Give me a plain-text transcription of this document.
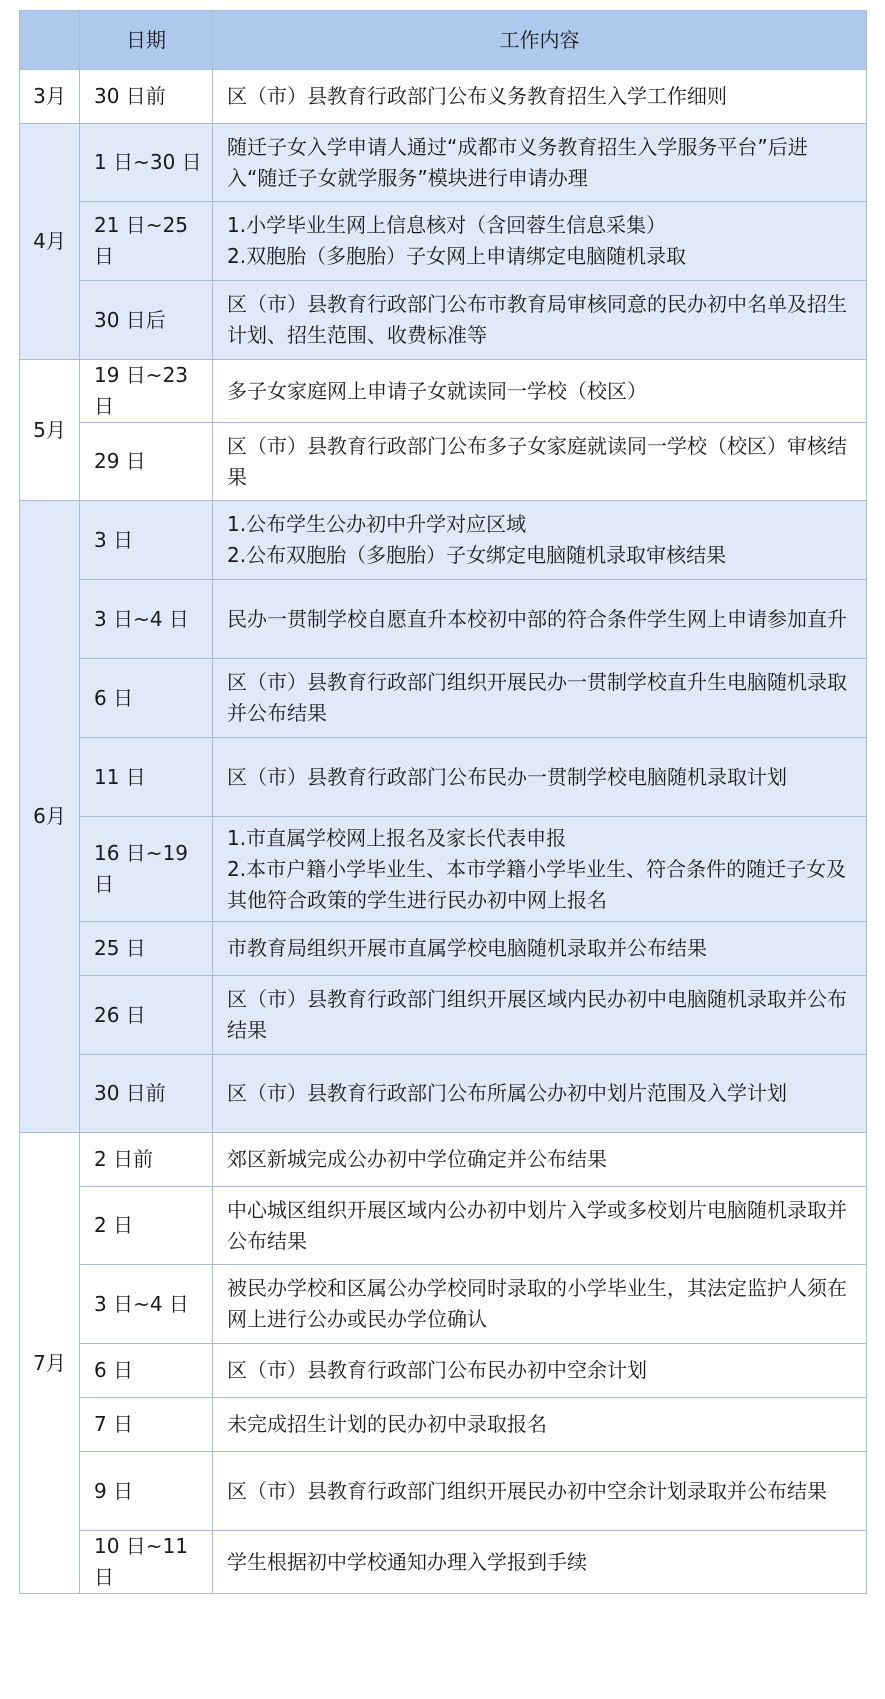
	日期	工作内容
3月	30 日前	区（市）县教育行政部门公布义务教育招生入学工作细则
4月	1 日~30 日	随迁子女入学申请人通过“成都市义务教育招生入学服务平台”后进入“随迁子女就学服务”模块进行申请办理
	21 日~25 日	1.小学毕业生网上信息核对（含回蓉生信息采集）
2.双胞胎（多胞胎）子女网上申请绑定电脑随机录取
	30 日后	区（市）县教育行政部门公布市教育局审核同意的民办初中名单及招生计划、招生范围、收费标准等
5月	19 日~23 日	多子女家庭网上申请子女就读同一学校（校区）
	29 日	区（市）县教育行政部门公布多子女家庭就读同一学校（校区）审核结果
6月	3 日	1.公布学生公办初中升学对应区域
2.公布双胞胎（多胞胎）子女绑定电脑随机录取审核结果
	3 日~4 日	民办一贯制学校自愿直升本校初中部的符合条件学生网上申请参加直升
	6 日	区（市）县教育行政部门组织开展民办一贯制学校直升生电脑随机录取并公布结果
	11 日	区（市）县教育行政部门公布民办一贯制学校电脑随机录取计划
	16 日~19 日	1.市直属学校网上报名及家长代表申报
2.本市户籍小学毕业生、本市学籍小学毕业生、符合条件的随迁子女及其他符合政策的学生进行民办初中网上报名
	25 日	市教育局组织开展市直属学校电脑随机录取并公布结果
	26 日	区（市）县教育行政部门组织开展区域内民办初中电脑随机录取并公布结果
	30 日前	区（市）县教育行政部门公布所属公办初中划片范围及入学计划
7月	2 日前	郊区新城完成公办初中学位确定并公布结果
	2 日	中心城区组织开展区域内公办初中划片入学或多校划片电脑随机录取并公布结果
	3 日~4 日	被民办学校和区属公办学校同时录取的小学毕业生，其法定监护人须在网上进行公办或民办学位确认
	6 日	区（市）县教育行政部门公布民办初中空余计划
	7 日	未完成招生计划的民办初中录取报名
	9 日	区（市）县教育行政部门组织开展民办初中空余计划录取并公布结果
	10 日~11 日	学生根据初中学校通知办理入学报到手续
